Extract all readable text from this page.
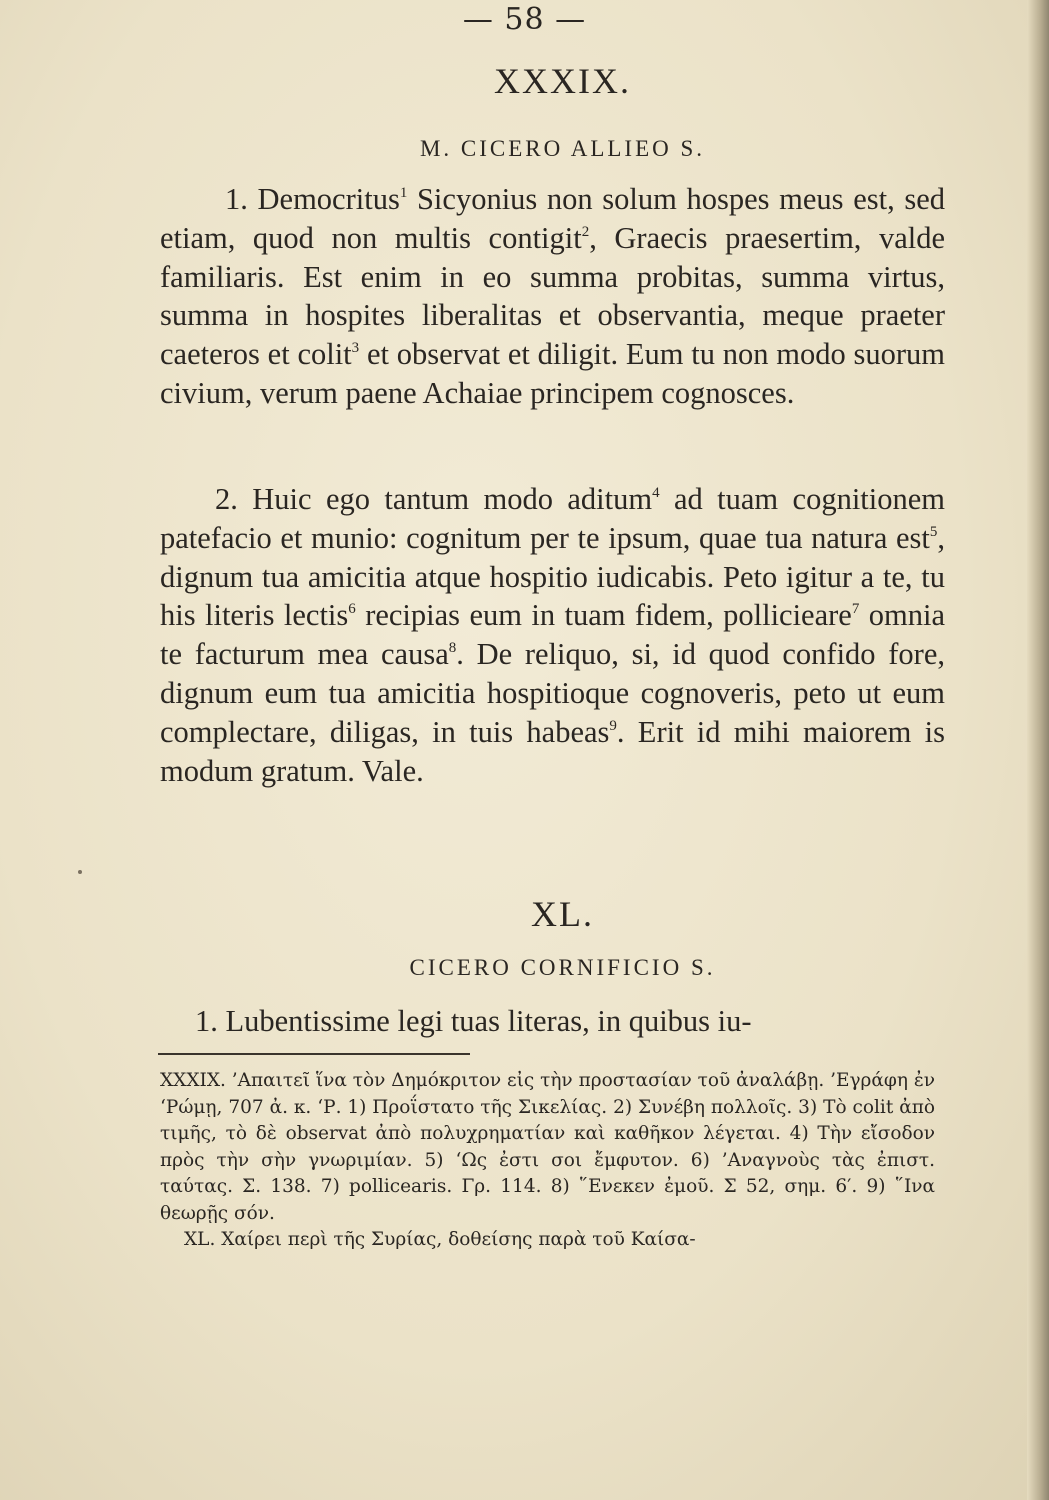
— 58 —
XXXIX.
M. CICERO ALLIEO S.

1. Democritus$^1$ Sicyonius non solum hospes meus est, sed etiam, quod non multis contigit$^2$, Graecis praesertim, valde familiaris. Est enim in eo summa probitas, summa virtus, summa in hospites liberalitas et observantia, meque praeter caeteros et colit$^3$ et observat et diligit. Eum tu non modo suorum civium, verum paene Achaiae principem cognosces.

2. Huic ego tantum modo aditum$^4$ ad tuam cognitionem patefacio et munio: cognitum per te ipsum, quae tua natura est$^5$, dignum tua amicitia atque hospitio iudicabis. Peto igitur a te, tu his literis lectis$^6$ recipias eum in tuam fidem, pollicieare$^7$ omnia te facturum mea causa$^8$. De reliquo, si, id quod confido fore, dignum eum tua amicitia hospitioque cognoveris, peto ut eum complectare, diligas, in tuis habeas$^9$. Erit id mihi maiorem is modum gratum. Vale.

XL.
CICERO CORNIFICIO S.

1. Lubentissime legi tuas literas, in quibus iu-

XXXIX. ’Απαιτεῖ ἵνα τὸν Δημόκριτον εἰς τὴν προστασίαν τοῦ ἀναλάβῃ. ’Εγράφη ἐν ‘Ρώμῃ, 707 ἀ. κ. ‘Ρ. 1) Προΐστατο τῆς Σικελίας. 2) Συνέβη πολλοῖς. 3) Τὸ colit ἀπὸ τιμῆς, τὸ δὲ observat ἀπὸ πολυχρηματίαν καὶ καθῆκον λέγεται. 4) Τὴν εἴσοδον πρὸς τὴν σὴν γνωριμίαν. 5) ‘Ως ἐστι σοι ἔμφυτον. 6) ’Αναγνοὺς τὰς ἐπιστ. ταύτας. Σ. 138. 7) pollicearis. Γρ. 114. 8) ῞Ενεκεν ἐμοῦ. Σ 52, σημ. 6′. 9) ῞Ινα θεωρῇς σόν.
XL. Χαίρει περὶ τῆς Συρίας, δοθείσης παρὰ τοῦ Καίσα-
